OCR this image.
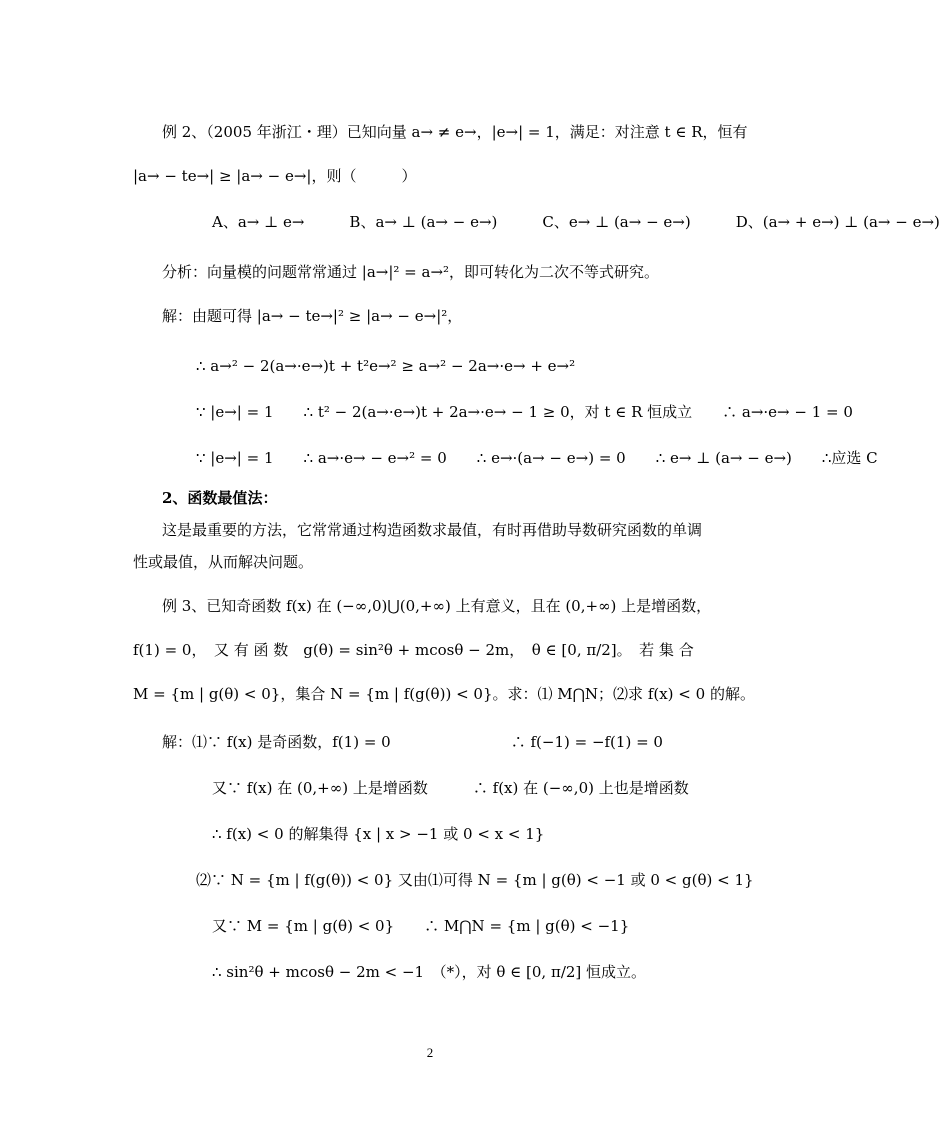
例 2、（2005 年浙江・理）已知向量 a→ ≠ e→，|e→| = 1，满足：对注意 t ∈ R，恒有
|a→ − te→| ≥ |a→ − e→|，则（　　　）
A、a→ ⊥ e→　　　B、a→ ⊥ (a→ − e→)　　　C、e→ ⊥ (a→ − e→)　　　D、(a→ + e→) ⊥ (a→ − e→)
分析：向量模的问题常常通过 |a→|² = a→²，即可转化为二次不等式研究。
解：由题可得 |a→ − te→|² ≥ |a→ − e→|²，
∴ a→² − 2(a→·e→)t + t²e→² ≥ a→² − 2a→·e→ + e→²
∵ |e→| = 1　　∴ t² − 2(a→·e→)t + 2a→·e→ − 1 ≥ 0，对 t ∈ R 恒成立　　∴ a→·e→ − 1 = 0
∵ |e→| = 1　　∴ a→·e→ − e→² = 0　　∴ e→·(a→ − e→) = 0　　∴ e→ ⊥ (a→ − e→)　　∴应选 C
2、函数最值法：
这是最重要的方法，它常常通过构造函数求最值，有时再借助导数研究函数的单调
性或最值，从而解决问题。
例 3、已知奇函数 f(x) 在 (−∞,0)⋃(0,+∞) 上有意义，且在 (0,+∞) 上是增函数，
f(1) = 0，　又 有 函 数　g(θ) = sin²θ + mcosθ − 2m，　θ ∈ [0, π/2]。　若 集 合
M = {m | g(θ) < 0}，集合 N = {m | f(g(θ)) < 0}。求：⑴ M⋂N；⑵求 f(x) < 0 的解。
解：⑴∵ f(x) 是奇函数，f(1) = 0　　　　　　　　∴ f(−1) = −f(1) = 0
又∵ f(x) 在 (0,+∞) 上是增函数　　　∴ f(x) 在 (−∞,0) 上也是增函数
∴ f(x) < 0 的解集得 {x | x > −1 或 0 < x < 1}
⑵∵ N = {m | f(g(θ)) < 0} 又由⑴可得 N = {m | g(θ) < −1 或 0 < g(θ) < 1}
又∵ M = {m | g(θ) < 0}　　∴ M⋂N = {m | g(θ) < −1}
∴ sin²θ + mcosθ − 2m < −1　（*），对 θ ∈ [0, π/2] 恒成立。
2
